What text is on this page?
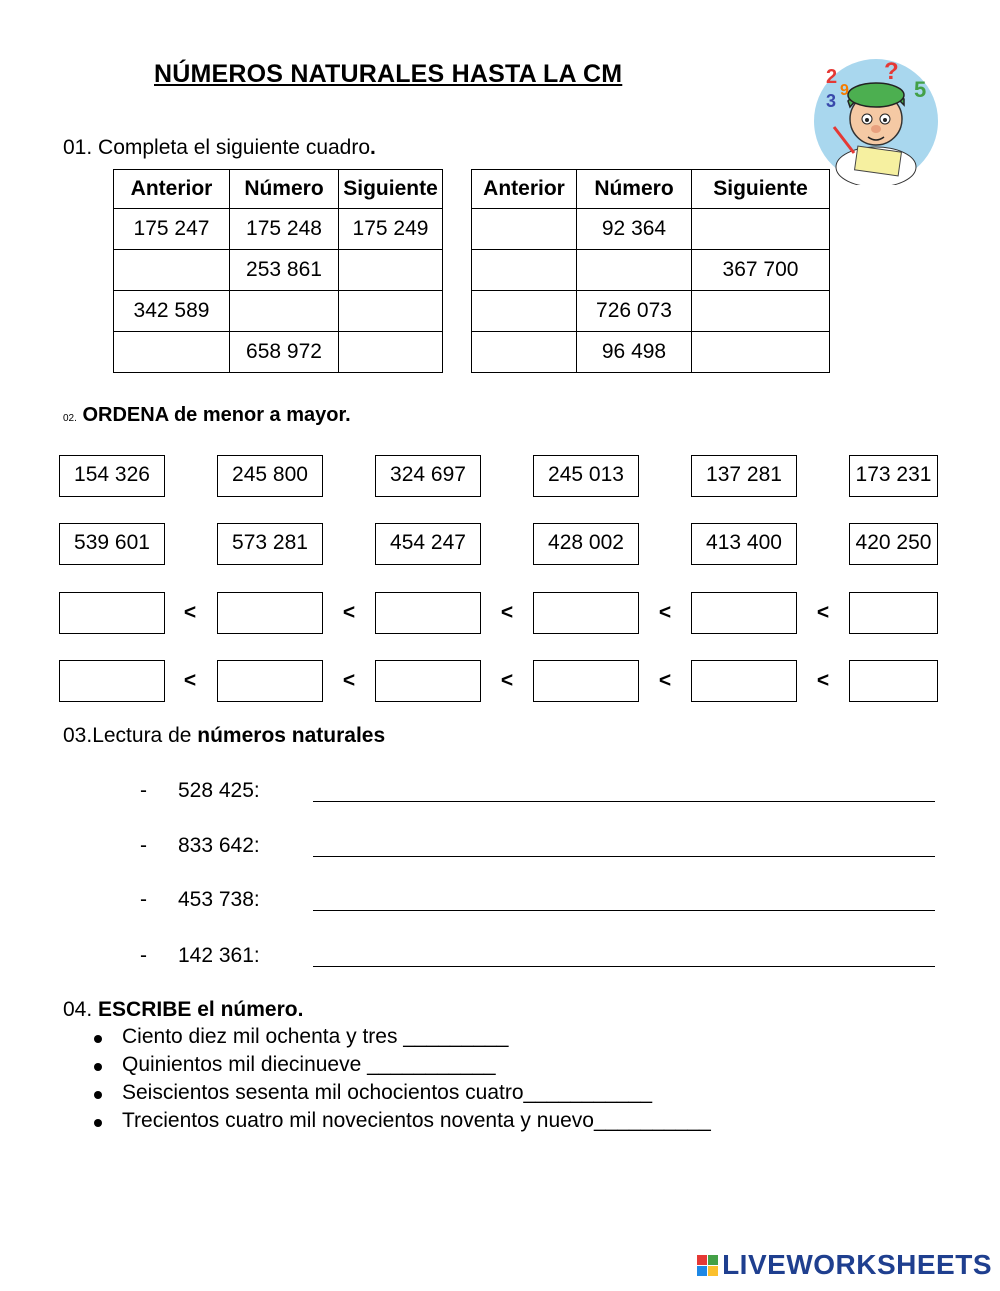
NÚMEROS NATURALES HASTA LA CM	2
9
3	5
?
01. Completa el siguiente cuadro.
Anterior	Número	Siguiente
175 247	175 248	175 249
	253 861	
342 589		
	658 972	
Anterior	Número	Siguiente
	92 364	
		367 700
	726 073	
	96 498	
02. ORDENA de menor a mayor.
154 326	245 800	324 697	245 013	137 281	173 231
539 601	573 281	454 247	428 002	413 400	420 250
<	<	<	<	<
<	<	<	<	<
03.Lectura de números naturales
- 528 425:
- 833 642:
- 453 738:
- 142 361:
04. ESCRIBE el número.
Ciento diez mil ochenta y tres _________
Quinientos mil diecinueve ___________
Seiscientos sesenta mil ochocientos cuatro___________
Trecientos cuatro mil novecientos noventa y nuevo__________
LIVEWORKSHEETS
